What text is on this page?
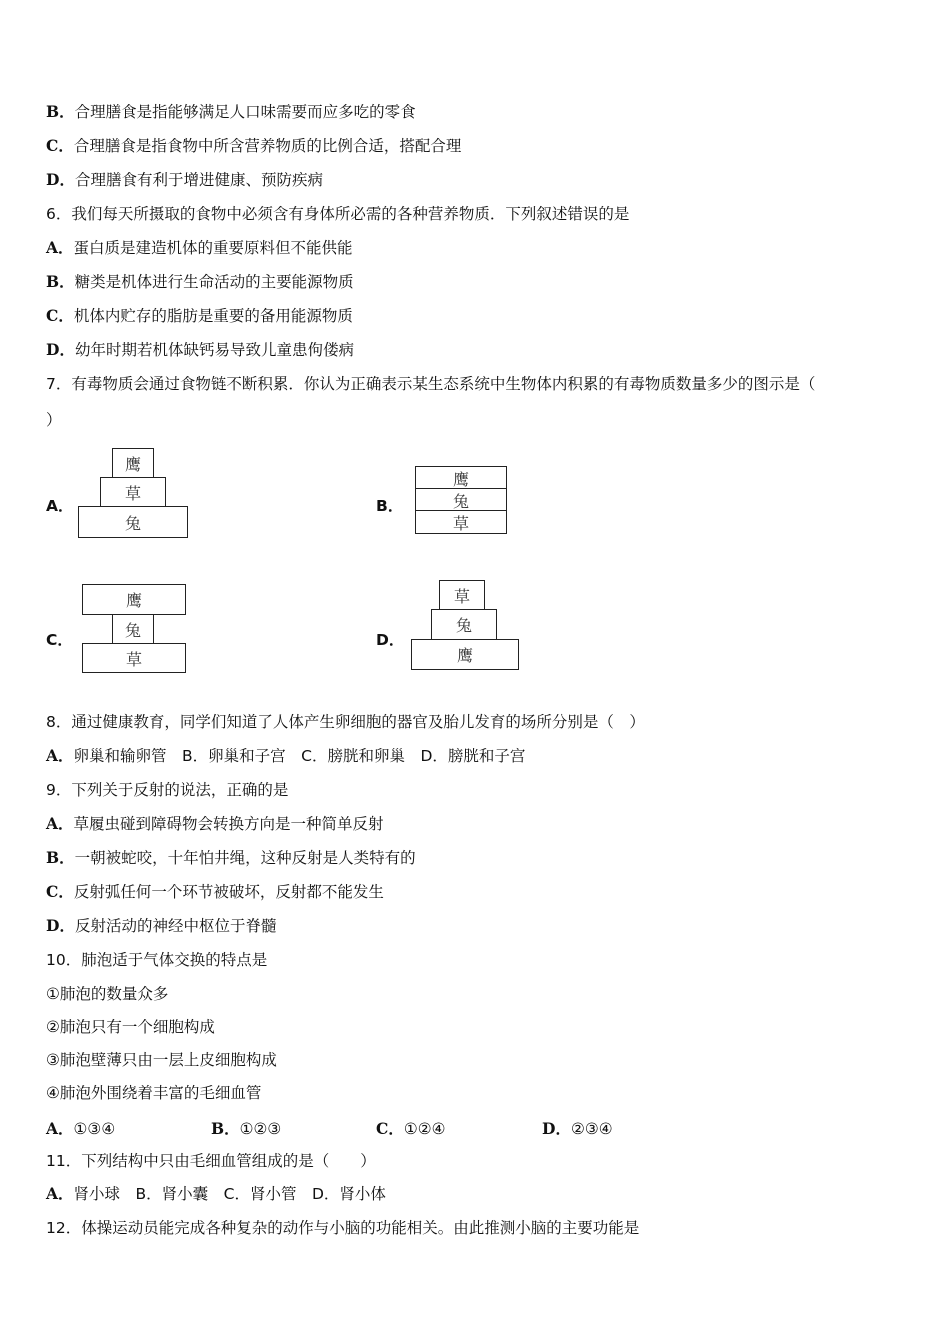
B．合理膳食是指能够满足人口味需要而应多吃的零食
C．合理膳食是指食物中所含营养物质的比例合适，搭配合理
D．合理膳食有利于增进健康、预防疾病
6．我们每天所摄取的食物中必须含有身体所必需的各种营养物质．下列叙述错误的是
A．蛋白质是建造机体的重要原料但不能供能
B．糖类是机体进行生命活动的主要能源物质
C．机体内贮存的脂肪是重要的备用能源物质
D．幼年时期若机体缺钙易导致儿童患佝偻病
7．有毒物质会通过食物链不断积累．你认为正确表示某生态系统中生物体内积累的有毒物质数量多少的图示是（
）
A．
鹰
草
兔
B．
鹰
兔
草
C．
鹰
兔
草
D．
草
兔
鹰
8．通过健康教育，同学们知道了人体产生卵细胞的器官及胎儿发育的场所分别是（　）
A．卵巢和输卵管　B．卵巢和子宫　C．膀胱和卵巢　D．膀胱和子宫
9．下列关于反射的说法，正确的是
A．草履虫碰到障碍物会转换方向是一种简单反射
B．一朝被蛇咬，十年怕井绳，这种反射是人类特有的
C．反射弧任何一个环节被破坏，反射都不能发生
D．反射活动的神经中枢位于脊髓
10．肺泡适于气体交换的特点是
①肺泡的数量众多
②肺泡只有一个细胞构成
③肺泡壁薄只由一层上皮细胞构成
④肺泡外围绕着丰富的毛细血管
A．①③④	B．①②③	C．①②④	D．②③④
11．下列结构中只由毛细血管组成的是（　　）
A．肾小球　B．肾小囊　C．肾小管　D．肾小体
12．体操运动员能完成各种复杂的动作与小脑的功能相关。由此推测小脑的主要功能是
